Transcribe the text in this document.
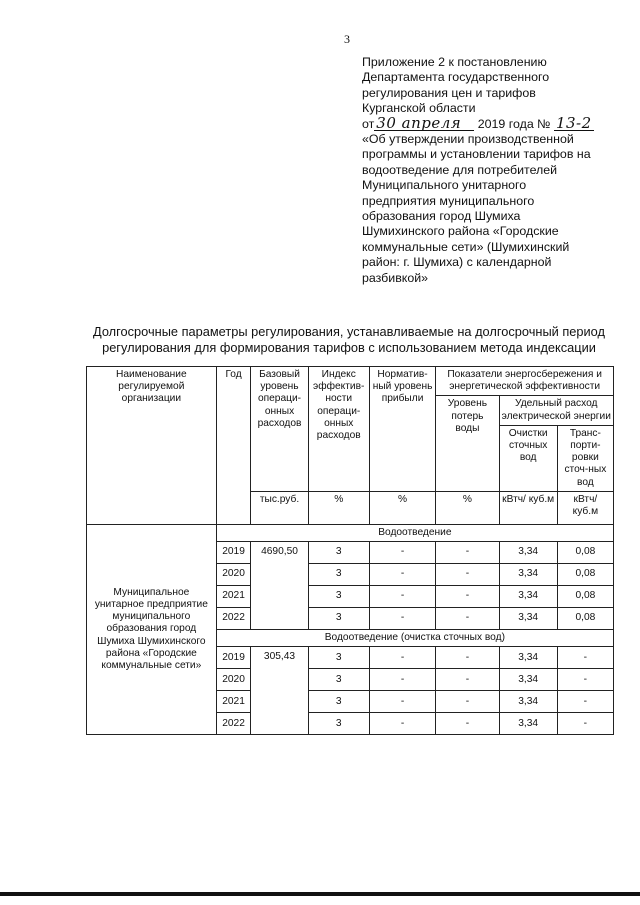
3
Приложение 2 к постановлению
Департамента государственного
регулирования цен и тарифов
Курганской области
от 30 апреля 2019 года № 13-2
«Об утверждении производственной
программы и установлении тарифов на
водоотведение для потребителей
Муниципального унитарного
предприятия муниципального
образования город Шумиха
Шумихинского района «Городские
коммунальные сети» (Шумихинский
район: г. Шумиха) с календарной
разбивкой»
Долгосрочные параметры регулирования, устанавливаемые на долгосрочный период
регулирования для формирования тарифов с использованием метода индексации
Наименование регулируемой организации	Год	Базовый уровень операци-онных расходов	Индекс эффектив-ности операци-онных расходов	Норматив-ный уровень прибыли	Показатели энергосбережения и энергетической эффективности		
					Уровень потерь воды	Удельный расход электрической энергии	
						Очистки сточных вод	Транс-порти-ровки сточ-ных вод
		тыс.руб.	%	%	%	кВтч/ куб.м	кВтч/ куб.м
Муниципальное унитарное предприятие муниципального образования город Шумиха Шумихинского района «Городские коммунальные сети»	Водоотведение						
	2019	4690,50	3	-	-	3,34	0,08
	2020		3	-	-	3,34	0,08
	2021		3	-	-	3,34	0,08
	2022		3	-	-	3,34	0,08
	Водоотведение (очистка сточных вод)						
	2019	305,43	3	-	-	3,34	-
	2020		3	-	-	3,34	-
	2021		3	-	-	3,34	-
	2022		3	-	-	3,34	-
